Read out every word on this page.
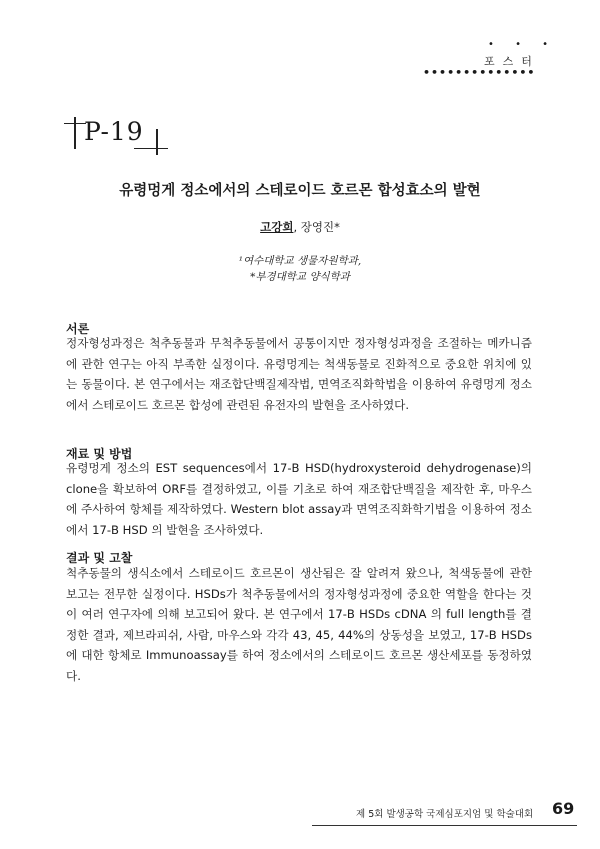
• • •
포스터
••••••••••••••
P-19
유령멍게 정소에서의 스테로이드 호르몬 합성효소의 발현
고강희, 장영진*
¹여수대학교 생물자원학과,
*부경대학교 양식학과
서론
정자형성과정은 척추동물과 무척추동물에서 공통이지만 정자형성과정을 조절하는 메카니즘에 관한 연구는 아직 부족한 실정이다. 유령멍게는 척색동물로 진화적으로 중요한 위치에 있는 동물이다. 본 연구에서는 재조합단백질제작법, 면역조직화학법을 이용하여 유령멍게 정소에서 스테로이드 호르몬 합성에 관련된 유전자의 발현을 조사하였다.
재료 및 방법
유령멍게 정소의 EST sequences에서 17-B HSD(hydroxysteroid dehydrogenase)의 clone을 확보하여 ORF를 결정하였고, 이를 기초로 하여 재조합단백질을 제작한 후, 마우스에 주사하여 항체를 제작하였다. Western blot assay과 면역조직화학기법을 이용하여 정소에서 17-B HSD 의 발현을 조사하였다.
결과 및 고찰
척추동물의 생식소에서 스테로이드 호르몬이 생산됨은 잘 알려져 왔으나, 척색동물에 관한 보고는 전무한 실정이다. HSDs가 척추동물에서의 정자형성과정에 중요한 역할을 한다는 것이 여러 연구자에 의해 보고되어 왔다. 본 연구에서 17-B HSDs cDNA 의 full length를 결정한 결과, 제브라피쉬, 사람, 마우스와 각각 43, 45, 44%의 상동성을 보였고, 17-B HSDs에 대한 항체로 Immunoassay를 하여 정소에서의 스테로이드 호르몬 생산세포를 동정하였다.
제 5회 발생공학 국제심포지엄 및 학술대회 69
